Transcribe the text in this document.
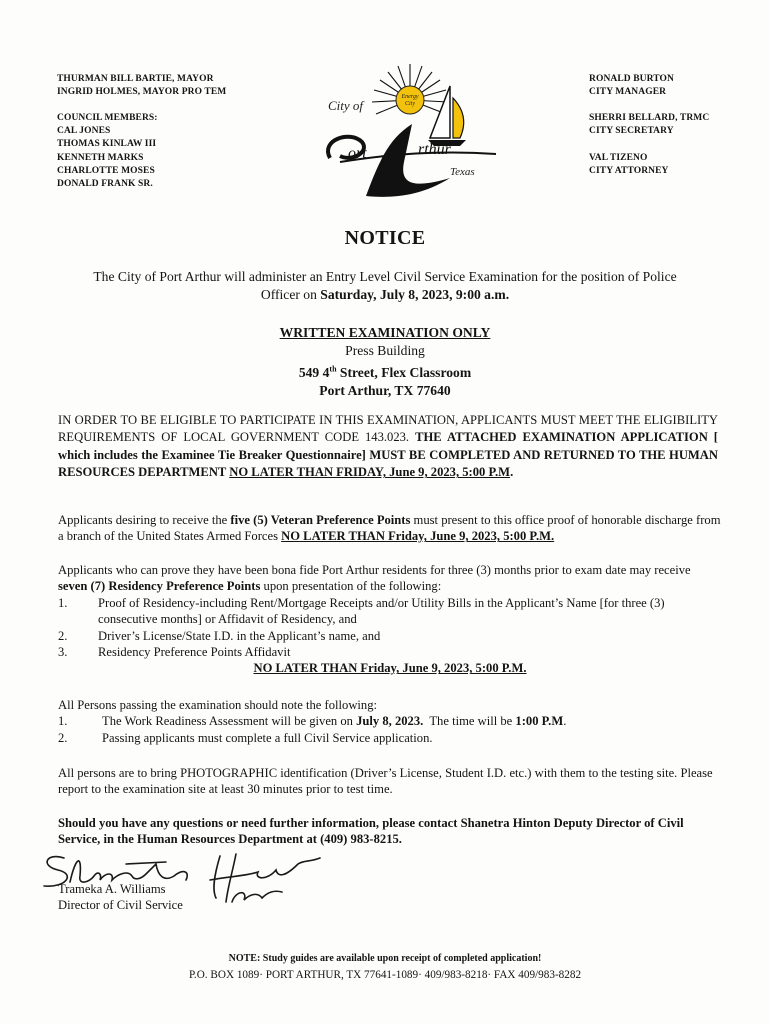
THURMAN BILL BARTIE, MAYOR
INGRID HOLMES, MAYOR PRO TEM
COUNCIL MEMBERS:
CAL JONES
THOMAS KINLAW III
KENNETH MARKS
CHARLOTTE MOSES
DONALD FRANK SR.
RONALD BURTON
CITY MANAGER
SHERRI BELLARD, TRMC
CITY SECRETARY
VAL TIZENO
CITY ATTORNEY
Energy
City
City of
ort	rthur
Texas
NOTICE
The City of Port Arthur will administer an Entry Level Civil Service Examination for the position of Police
Officer on Saturday, July 8, 2023, 9:00 a.m.
WRITTEN EXAMINATION ONLY
Press Building
549 4th Street, Flex Classroom
Port Arthur, TX 77640
IN ORDER TO BE ELIGIBLE TO PARTICIPATE IN THIS EXAMINATION, APPLICANTS MUST MEET THE ELIGIBILITY REQUIREMENTS OF LOCAL GOVERNMENT CODE 143.023. THE ATTACHED EXAMINATION APPLICATION [ which includes the Examinee Tie Breaker Questionnaire] MUST BE COMPLETED AND RETURNED TO THE HUMAN RESOURCES DEPARTMENT NO LATER THAN FRIDAY, June 9, 2023, 5:00 P.M.
Applicants desiring to receive the five (5) Veteran Preference Points must present to this office proof of honorable discharge from a branch of the United States Armed Forces NO LATER THAN Friday, June 9, 2023, 5:00 P.M.
Applicants who can prove they have been bona fide Port Arthur residents for three (3) months prior to exam date may receive seven (7) Residency Preference Points upon presentation of the following:
1. Proof of Residency-including Rent/Mortgage Receipts and/or Utility Bills in the Applicant’s Name [for three (3) consecutive months] or Affidavit of Residency, and
2. Driver’s License/State I.D. in the Applicant’s name, and
3. Residency Preference Points Affidavit
NO LATER THAN Friday, June 9, 2023, 5:00 P.M.
All Persons passing the examination should note the following:
1.	The Work Readiness Assessment will be given on July 8, 2023.  The time will be 1:00 P.M.
2.	Passing applicants must complete a full Civil Service application.
All persons are to bring PHOTOGRAPHIC identification (Driver’s License, Student I.D. etc.) with them to the testing site. Please report to the examination site at least 30 minutes prior to test time.
Should you have any questions or need further information, please contact Shanetra Hinton Deputy Director of Civil Service, in the Human Resources Department at (409) 983-8215.
Trameka A. Williams
Director of Civil Service
NOTE: Study guides are available upon receipt of completed application!
P.O. BOX 1089· PORT ARTHUR, TX 77641-1089· 409/983-8218· FAX 409/983-8282
